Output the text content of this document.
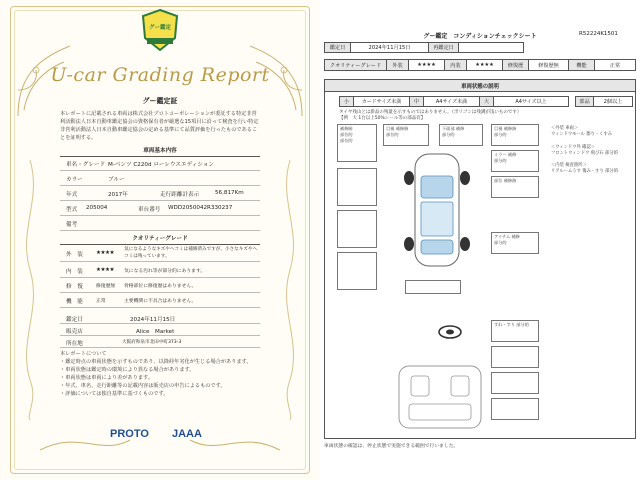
グー鑑定
U-car Grading Report
グー鑑定証
本レポートに記載される車両は株式会社プロトコーポレーションが委託する特定非営利活動法人日本自動車鑑定協会の資格保有者が厳選な15項目に沿って検査を行い特定非営利活動法人日本自動車鑑定協会の定める基準にて品質評価を行ったものであることを証明する。
車両基本内容
車名・グレード M-ベンツ C220d ローレウスエディション
カラー	ブルー
年式	2017年	走行距離計表示	56,817Km
型式 205004	車台番号 WDD2050042R330237
備考
クオリティーグレード
外　装 ★★★★
気になるようなキズやヘコミは補修済みですが、小さなキズやヘコミは残っています。
内　装 ★★★★ 気になる汚れ等が部分的にあります。
修　復	修復歴無 骨格部位に修復歴はありません。
機　能	正常	主要機関に不具合はありません。
鑑定日	2024年11月15日
販売店	Alice　Market
所在地	大阪府和泉市北田中町373-3
本レポートについて
・鑑定時点の車両状態を示すものであり、以降経年劣化が生じる場合があります。
・車両状態は鑑定時の環境により異なる場合があります。
・車両状態は車両により差があります。
・年式、車名、走行距離等の記載内容は販売店の申告によるものです。
・評価については独自基準に基づくものです。
PROTO JAAA
グー鑑定　コンディションチェックシート	R52224K1501
鑑定日	2024年11月15日	再鑑定日
クオリティーグレード	外装	★★★★	内装	★★★★	修復歴	修復歴無	機能	正常
車両状態の説明
小	カードサイズ未満	中	A4サイズ未満	大	A4サイズ以上	部品	2個以上
タイヤ残山とは新品の残量を示すものではありません。（ポリゴンは残溝が浅いものです）
【例　大 1台以上50%シール等の部品有】
補修跡
部位的
部位的
目視 補修跡
部位的
下面部 補修
部分的
目視 補修跡
部分的
ミラー 補修
部分的
部位 補修跡
アイテム 補修
部分的
すれ・すり 部分的
＜外装 車両＞
ウィンドウモール 擦り・くすみ

＜ウィンドウ外 確認＞
フロントウィンドウ 飛び石 部分的

＜内装 検査箇所＞
リアルームうす 傷み・すり 部分的
車両状態の確認は、停止状態で実施できる範囲で行いました。
